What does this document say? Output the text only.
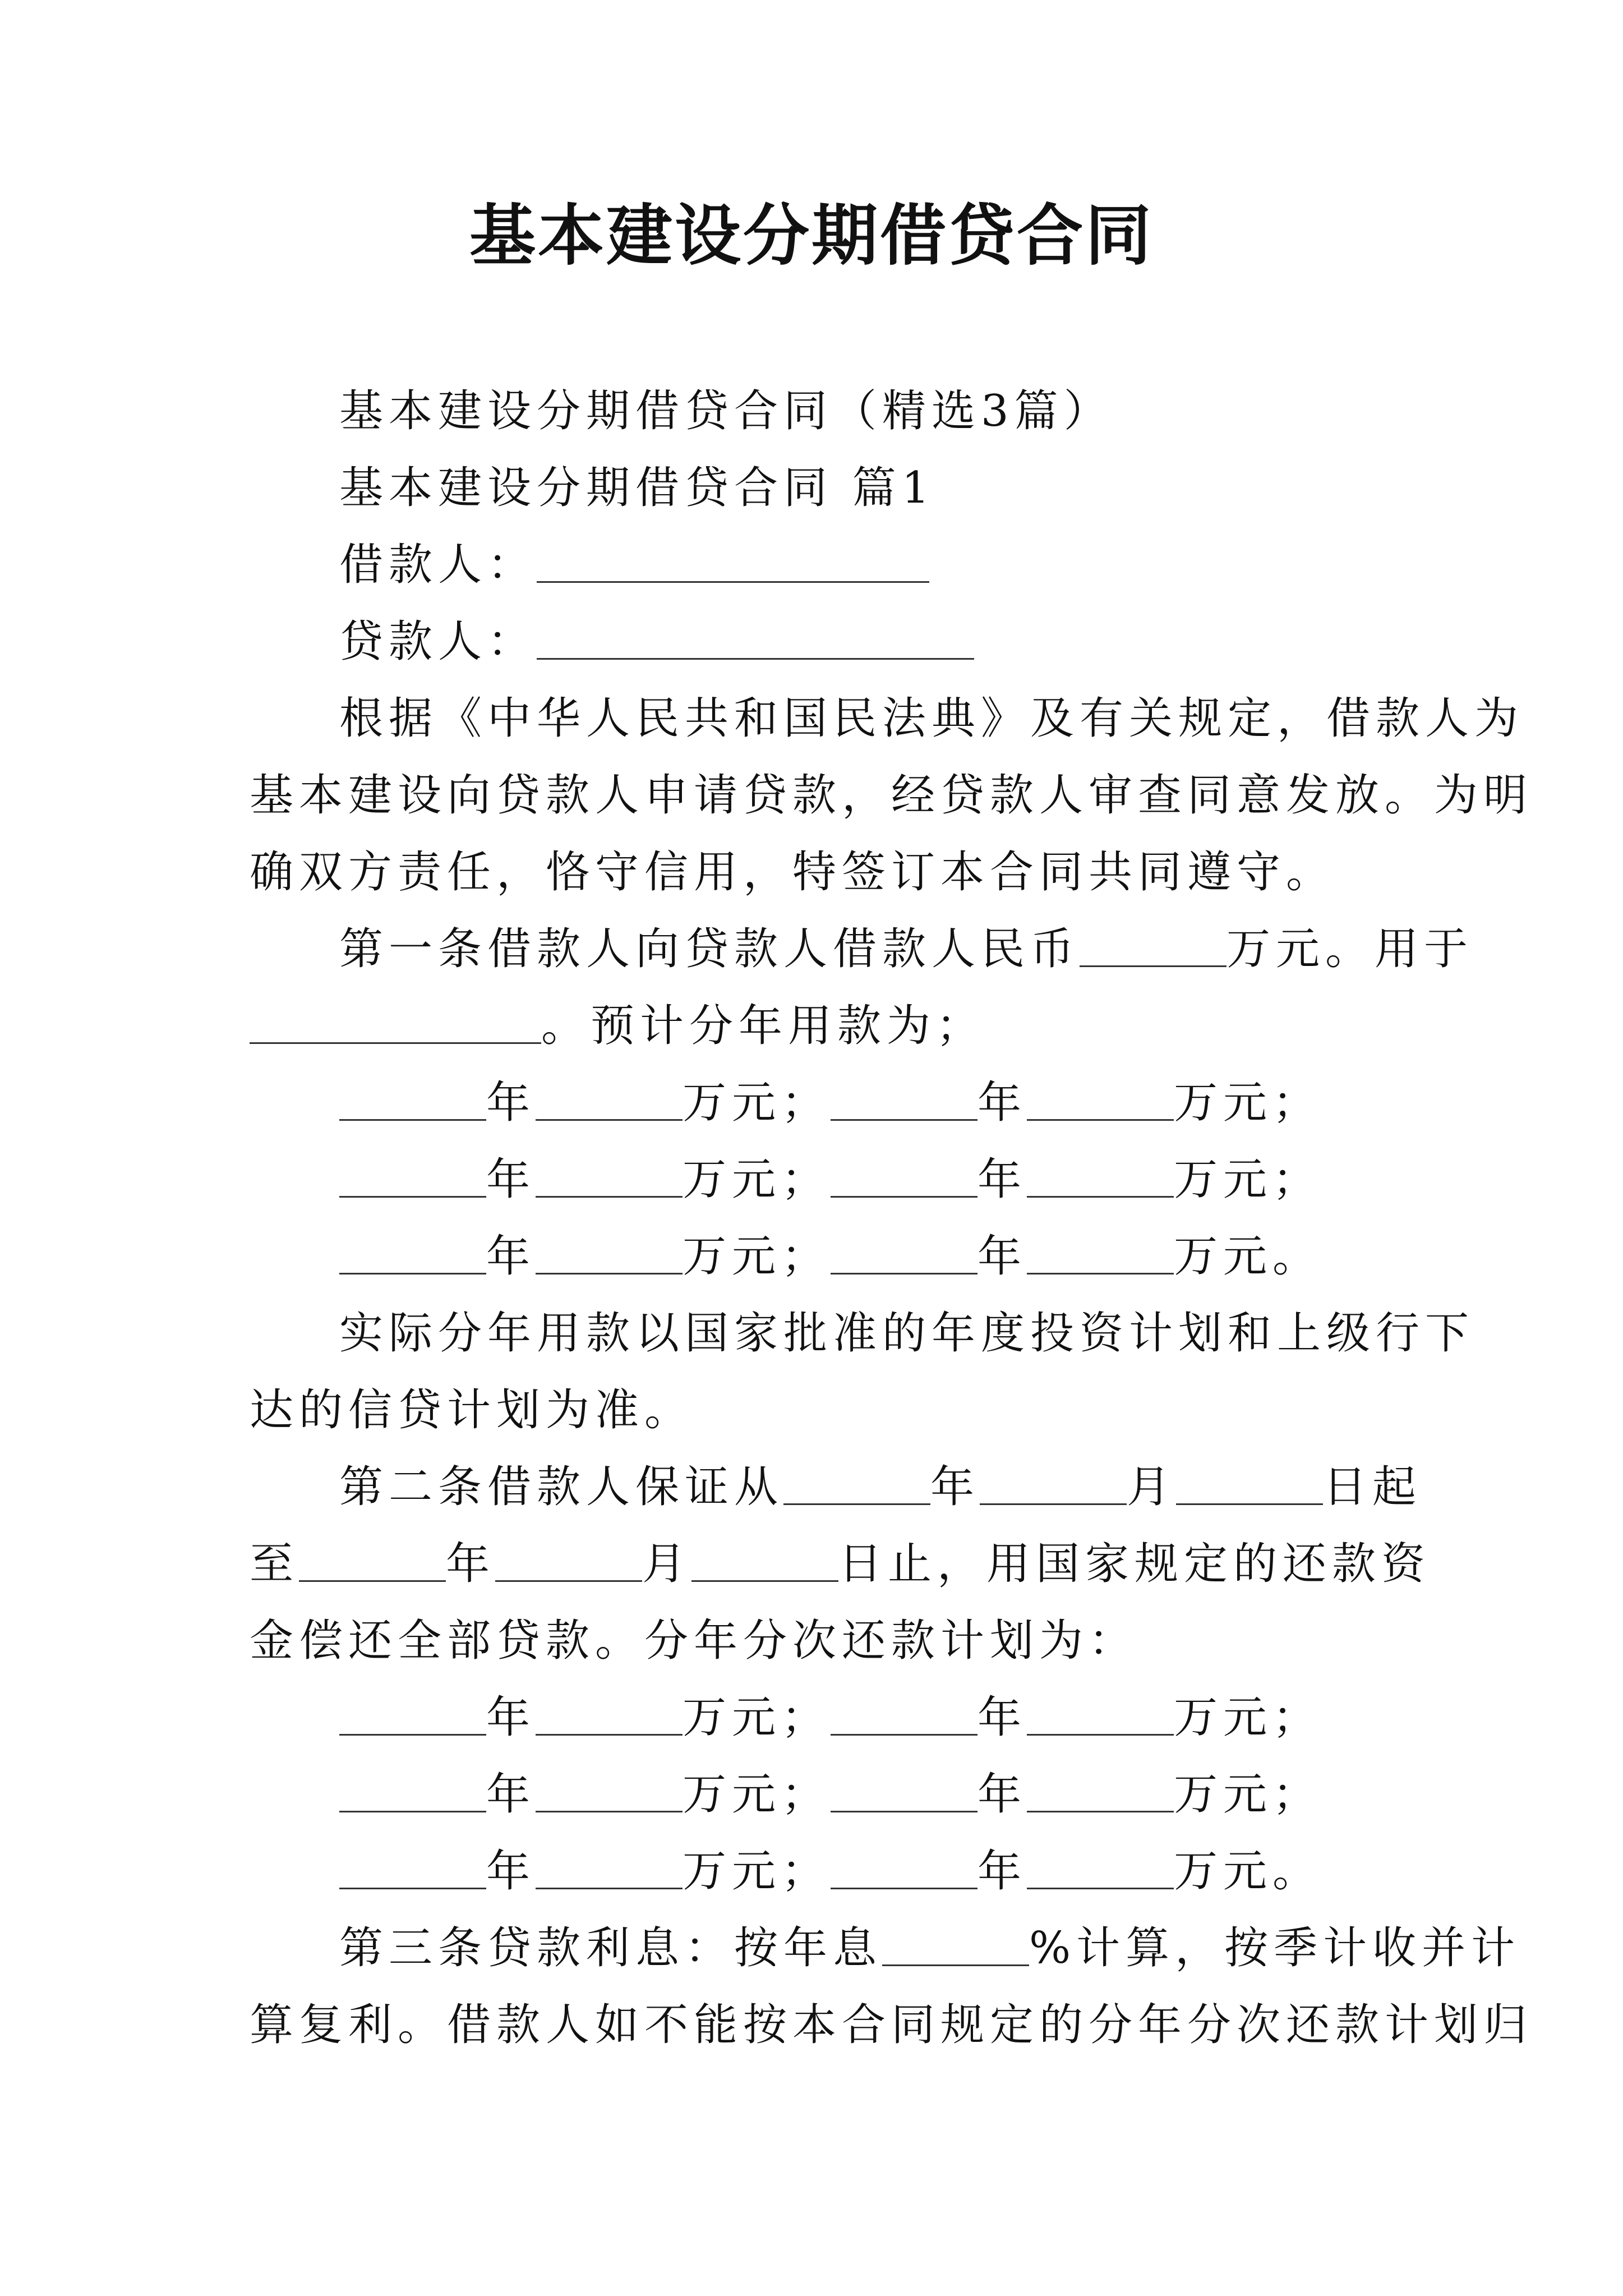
基本建设分期借贷合同
基本建设分期借贷合同（精选3篇）
基本建设分期借贷合同 篇1
借款人：
贷款人：
根据《中华人民共和国民法典》及有关规定，借款人为
基本建设向贷款人申请贷款，经贷款人审查同意发放。为明
确双方责任，恪守信用，特签订本合同共同遵守。
第一条借款人向贷款人借款人民币	万元。用于
。预计分年用款为；
年	万元；	年	万元；
年	万元；	年	万元；
年	万元；	年	万元。
实际分年用款以国家批准的年度投资计划和上级行下
达的信贷计划为准。
第二条借款人保证从	年	月	日起
至	年	月	日止，用国家规定的还款资
金偿还全部贷款。分年分次还款计划为：
年	万元；	年	万元；
年	万元；	年	万元；
年	万元；	年	万元。
第三条贷款利息：按年息	%计算，按季计收并计
算复利。借款人如不能按本合同规定的分年分次还款计划归
